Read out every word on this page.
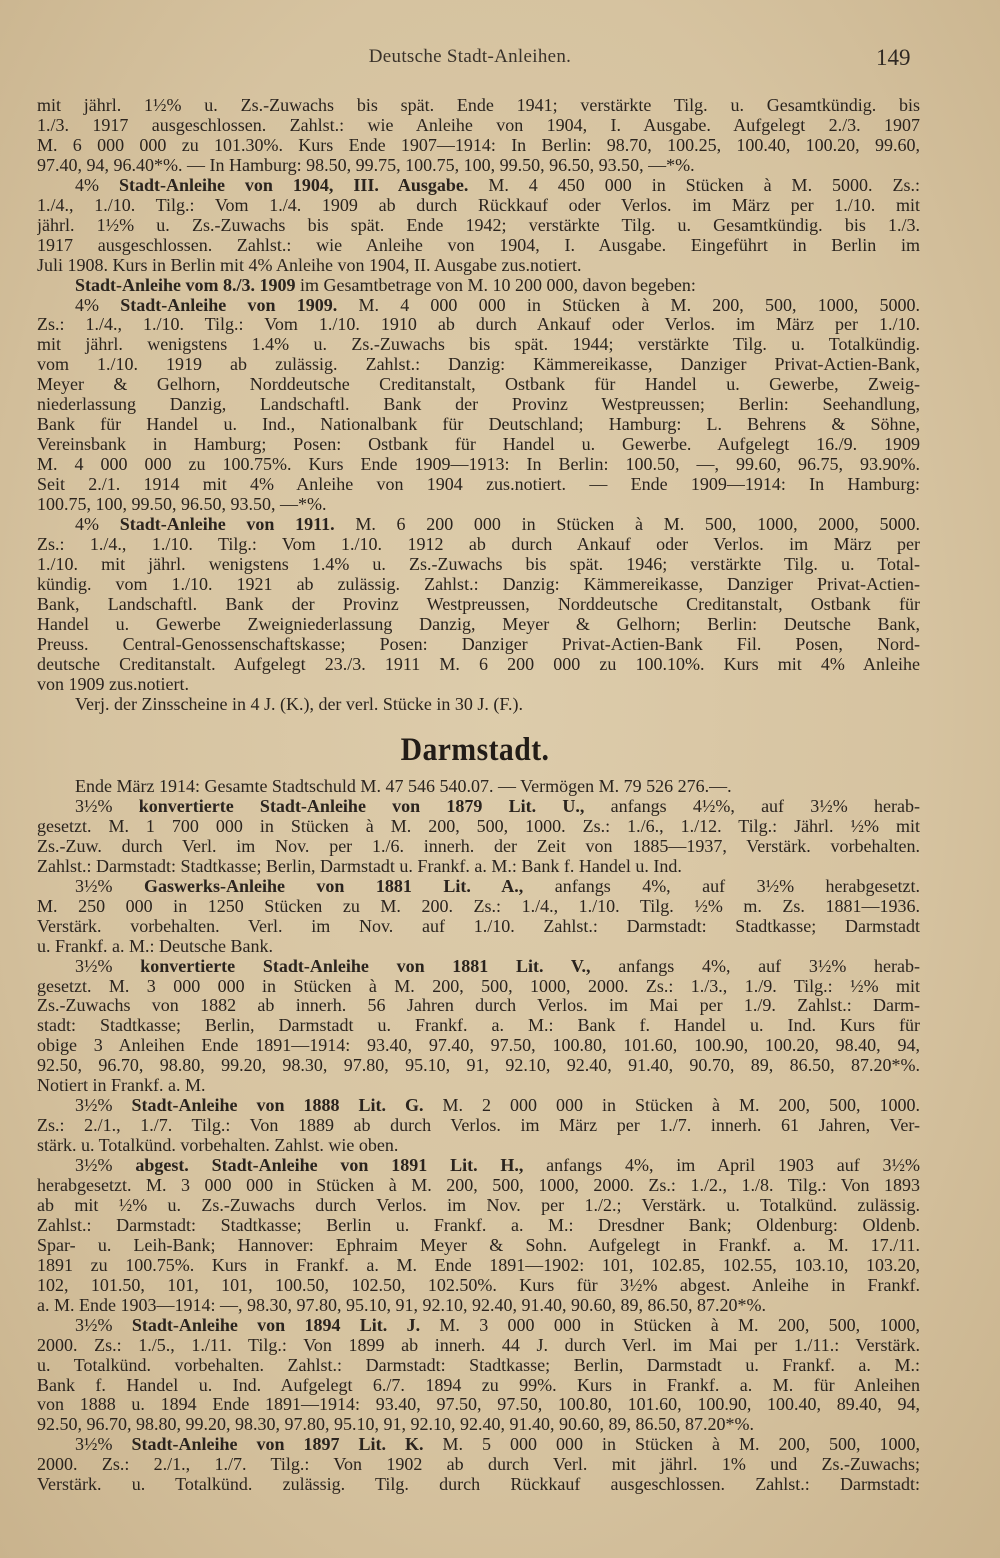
Deutsche Stadt-Anleihen.	149
mit jährl. 1½% u. Zs.-Zuwachs bis spät. Ende 1941; verstärkte Tilg. u. Gesamtkündig. bis
1./3. 1917 ausgeschlossen. Zahlst.: wie Anleihe von 1904, I. Ausgabe. Aufgelegt 2./3. 1907
M. 6 000 000 zu 101.30%. Kurs Ende 1907—1914: In Berlin: 98.70, 100.25, 100.40, 100.20, 99.60,
97.40, 94, 96.40*%. — In Hamburg: 98.50, 99.75, 100.75, 100, 99.50, 96.50, 93.50, —*%.
4% Stadt-Anleihe von 1904, III. Ausgabe. M. 4 450 000 in Stücken à M. 5000. Zs.:
1./4., 1./10. Tilg.: Vom 1./4. 1909 ab durch Rückkauf oder Verlos. im März per 1./10. mit
jährl. 1½% u. Zs.-Zuwachs bis spät. Ende 1942; verstärkte Tilg. u. Gesamtkündig. bis 1./3.
1917 ausgeschlossen. Zahlst.: wie Anleihe von 1904, I. Ausgabe. Eingeführt in Berlin im
Juli 1908. Kurs in Berlin mit 4% Anleihe von 1904, II. Ausgabe zus.notiert.
Stadt-Anleihe vom 8./3. 1909 im Gesamtbetrage von M. 10 200 000, davon begeben:
4% Stadt-Anleihe von 1909. M. 4 000 000 in Stücken à M. 200, 500, 1000, 5000.
Zs.: 1./4., 1./10. Tilg.: Vom 1./10. 1910 ab durch Ankauf oder Verlos. im März per 1./10.
mit jährl. wenigstens 1.4% u. Zs.-Zuwachs bis spät. 1944; verstärkte Tilg. u. Totalkündig.
vom 1./10. 1919 ab zulässig. Zahlst.: Danzig: Kämmereikasse, Danziger Privat-Actien-Bank,
Meyer & Gelhorn, Norddeutsche Creditanstalt, Ostbank für Handel u. Gewerbe, Zweig-
niederlassung Danzig, Landschaftl. Bank der Provinz Westpreussen; Berlin: Seehandlung,
Bank für Handel u. Ind., Nationalbank für Deutschland; Hamburg: L. Behrens & Söhne,
Vereinsbank in Hamburg; Posen: Ostbank für Handel u. Gewerbe. Aufgelegt 16./9. 1909
M. 4 000 000 zu 100.75%. Kurs Ende 1909—1913: In Berlin: 100.50, —, 99.60, 96.75, 93.90%.
Seit 2./1. 1914 mit 4% Anleihe von 1904 zus.notiert. — Ende 1909—1914: In Hamburg:
100.75, 100, 99.50, 96.50, 93.50, —*%.
4% Stadt-Anleihe von 1911. M. 6 200 000 in Stücken à M. 500, 1000, 2000, 5000.
Zs.: 1./4., 1./10. Tilg.: Vom 1./10. 1912 ab durch Ankauf oder Verlos. im März per
1./10. mit jährl. wenigstens 1.4% u. Zs.-Zuwachs bis spät. 1946; verstärkte Tilg. u. Total-
kündig. vom 1./10. 1921 ab zulässig. Zahlst.: Danzig: Kämmereikasse, Danziger Privat-Actien-
Bank, Landschaftl. Bank der Provinz Westpreussen, Norddeutsche Creditanstalt, Ostbank für
Handel u. Gewerbe Zweigniederlassung Danzig, Meyer & Gelhorn; Berlin: Deutsche Bank,
Preuss. Central-Genossenschaftskasse; Posen: Danziger Privat-Actien-Bank Fil. Posen, Nord-
deutsche Creditanstalt. Aufgelegt 23./3. 1911 M. 6 200 000 zu 100.10%. Kurs mit 4% Anleihe
von 1909 zus.notiert.
Verj. der Zinsscheine in 4 J. (K.), der verl. Stücke in 30 J. (F.).
Darmstadt.
Ende März 1914: Gesamte Stadtschuld M. 47 546 540.07. — Vermögen M. 79 526 276.—.
3½% konvertierte Stadt-Anleihe von 1879 Lit. U., anfangs 4½%, auf 3½% herab-
gesetzt. M. 1 700 000 in Stücken à M. 200, 500, 1000. Zs.: 1./6., 1./12. Tilg.: Jährl. ½% mit
Zs.-Zuw. durch Verl. im Nov. per 1./6. innerh. der Zeit von 1885—1937, Verstärk. vorbehalten.
Zahlst.: Darmstadt: Stadtkasse; Berlin, Darmstadt u. Frankf. a. M.: Bank f. Handel u. Ind.
3½% Gaswerks-Anleihe von 1881 Lit. A., anfangs 4%, auf 3½% herabgesetzt.
M. 250 000 in 1250 Stücken zu M. 200. Zs.: 1./4., 1./10. Tilg. ½% m. Zs. 1881—1936.
Verstärk. vorbehalten. Verl. im Nov. auf 1./10. Zahlst.: Darmstadt: Stadtkasse; Darmstadt
u. Frankf. a. M.: Deutsche Bank.
3½% konvertierte Stadt-Anleihe von 1881 Lit. V., anfangs 4%, auf 3½% herab-
gesetzt. M. 3 000 000 in Stücken à M. 200, 500, 1000, 2000. Zs.: 1./3., 1./9. Tilg.: ½% mit
Zs.-Zuwachs von 1882 ab innerh. 56 Jahren durch Verlos. im Mai per 1./9. Zahlst.: Darm-
stadt: Stadtkasse; Berlin, Darmstadt u. Frankf. a. M.: Bank f. Handel u. Ind. Kurs für
obige 3 Anleihen Ende 1891—1914: 93.40, 97.40, 97.50, 100.80, 101.60, 100.90, 100.20, 98.40, 94,
92.50, 96.70, 98.80, 99.20, 98.30, 97.80, 95.10, 91, 92.10, 92.40, 91.40, 90.70, 89, 86.50, 87.20*%.
Notiert in Frankf. a. M.
3½% Stadt-Anleihe von 1888 Lit. G. M. 2 000 000 in Stücken à M. 200, 500, 1000.
Zs.: 2./1., 1./7. Tilg.: Von 1889 ab durch Verlos. im März per 1./7. innerh. 61 Jahren, Ver-
stärk. u. Totalkünd. vorbehalten. Zahlst. wie oben.
3½% abgest. Stadt-Anleihe von 1891 Lit. H., anfangs 4%, im April 1903 auf 3½%
herabgesetzt. M. 3 000 000 in Stücken à M. 200, 500, 1000, 2000. Zs.: 1./2., 1./8. Tilg.: Von 1893
ab mit ½% u. Zs.-Zuwachs durch Verlos. im Nov. per 1./2.; Verstärk. u. Totalkünd. zulässig.
Zahlst.: Darmstadt: Stadtkasse; Berlin u. Frankf. a. M.: Dresdner Bank; Oldenburg: Oldenb.
Spar- u. Leih-Bank; Hannover: Ephraim Meyer & Sohn. Aufgelegt in Frankf. a. M. 17./11.
1891 zu 100.75%. Kurs in Frankf. a. M. Ende 1891—1902: 101, 102.85, 102.55, 103.10, 103.20,
102, 101.50, 101, 101, 100.50, 102.50, 102.50%. Kurs für 3½% abgest. Anleihe in Frankf.
a. M. Ende 1903—1914: —, 98.30, 97.80, 95.10, 91, 92.10, 92.40, 91.40, 90.60, 89, 86.50, 87.20*%.
3½% Stadt-Anleihe von 1894 Lit. J. M. 3 000 000 in Stücken à M. 200, 500, 1000,
2000. Zs.: 1./5., 1./11. Tilg.: Von 1899 ab innerh. 44 J. durch Verl. im Mai per 1./11.: Verstärk.
u. Totalkünd. vorbehalten. Zahlst.: Darmstadt: Stadtkasse; Berlin, Darmstadt u. Frankf. a. M.:
Bank f. Handel u. Ind. Aufgelegt 6./7. 1894 zu 99%. Kurs in Frankf. a. M. für Anleihen
von 1888 u. 1894 Ende 1891—1914: 93.40, 97.50, 97.50, 100.80, 101.60, 100.90, 100.40, 89.40, 94,
92.50, 96.70, 98.80, 99.20, 98.30, 97.80, 95.10, 91, 92.10, 92.40, 91.40, 90.60, 89, 86.50, 87.20*%.
3½% Stadt-Anleihe von 1897 Lit. K. M. 5 000 000 in Stücken à M. 200, 500, 1000,
2000. Zs.: 2./1., 1./7. Tilg.: Von 1902 ab durch Verl. mit jährl. 1% und Zs.-Zuwachs;
Verstärk. u. Totalkünd. zulässig. Tilg. durch Rückkauf ausgeschlossen. Zahlst.: Darmstadt:
